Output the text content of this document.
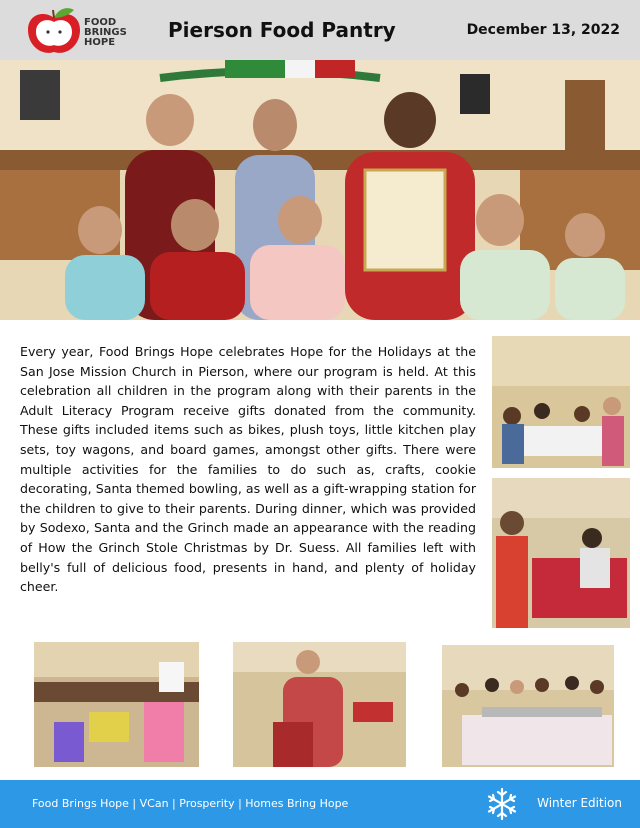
FOOD
BRINGS
HOPE
Pierson Food Pantry	December 13, 2022
Every year, Food Brings Hope celebrates Hope for the Holidays at the San Jose Mission Church in Pierson, where our program is held. At this celebration all children in the program along with their parents in the Adult Literacy Program receive gifts donated from the community. These gifts included items such as bikes, plush toys, little kitchen play sets, toy wagons, and board games, amongst other gifts. There were multiple activities for the families to do such as, crafts, cookie decorating, Santa themed bowling, as well as a gift-wrapping station for the children to give to their parents. During dinner, which was provided by Sodexo, Santa and the Grinch made an appearance with the reading of How the Grinch Stole Christmas by Dr. Suess. All families left with belly's full of delicious food, presents in hand, and plenty of holiday cheer.
Food Brings Hope | VCan | Prosperity | Homes Bring Hope	Winter Edition
